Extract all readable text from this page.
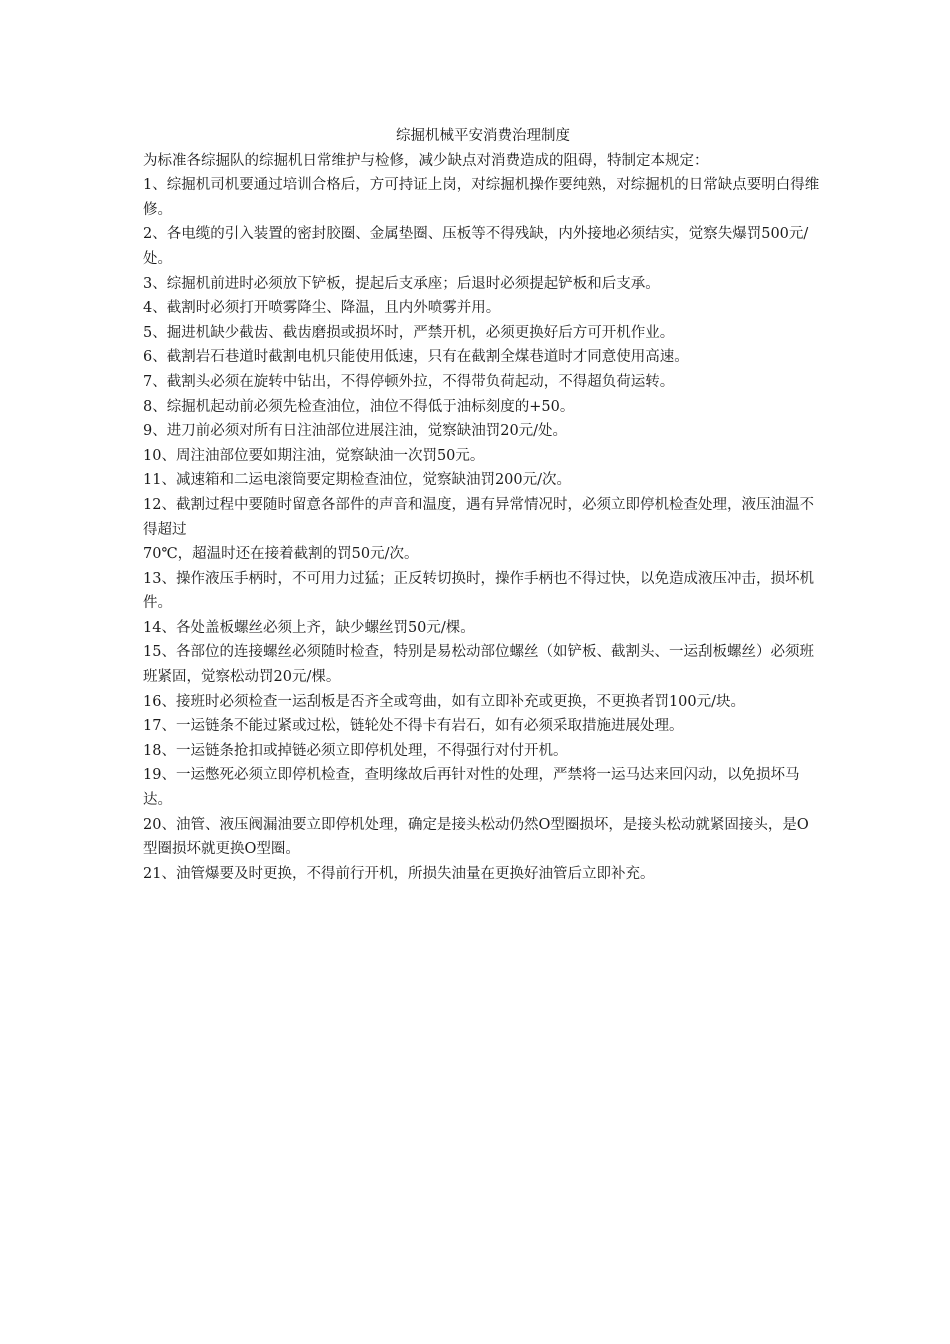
综掘机械平安消费治理制度

为标准各综掘队的综掘机日常维护与检修，减少缺点对消费造成的阻碍，特制定本规定：

1、综掘机司机要通过培训合格后，方可持证上岗，对综掘机操作要纯熟，对综掘机的日常缺点要明白得维修。
2、各电缆的引入装置的密封胶圈、金属垫圈、压板等不得残缺，内外接地必须结实，觉察失爆罚500元/处。
3、综掘机前进时必须放下铲板，提起后支承座；后退时必须提起铲板和后支承。
4、截割时必须打开喷雾降尘、降温，且内外喷雾并用。
5、掘进机缺少截齿、截齿磨损或损坏时，严禁开机，必须更换好后方可开机作业。
6、截割岩石巷道时截割电机只能使用低速，只有在截割全煤巷道时才同意使用高速。
7、截割头必须在旋转中钻出，不得停顿外拉，不得带负荷起动，不得超负荷运转。
8、综掘机起动前必须先检查油位，油位不得低于油标刻度的+50。
9、进刀前必须对所有日注油部位进展注油，觉察缺油罚20元/处。
10、周注油部位要如期注油，觉察缺油一次罚50元。
11、减速箱和二运电滚筒要定期检查油位，觉察缺油罚200元/次。
12、截割过程中要随时留意各部件的声音和温度，遇有异常情况时，必须立即停机检查处理，液压油温不得超过
70℃，超温时还在接着截割的罚50元/次。
13、操作液压手柄时，不可用力过猛；正反转切换时，操作手柄也不得过快，以免造成液压冲击，损坏机件。
14、各处盖板螺丝必须上齐，缺少螺丝罚50元/棵。
15、各部位的连接螺丝必须随时检查，特别是易松动部位螺丝（如铲板、截割头、一运刮板螺丝）必须班班紧固，觉察松动罚20元/棵。
16、接班时必须检查一运刮板是否齐全或弯曲，如有立即补充或更换，不更换者罚100元/块。
17、一运链条不能过紧或过松，链轮处不得卡有岩石，如有必须采取措施进展处理。
18、一运链条抢扣或掉链必须立即停机处理，不得强行对付开机。
19、一运憋死必须立即停机检查，查明缘故后再针对性的处理，严禁将一运马达来回闪动，以免损坏马达。
20、油管、液压阀漏油要立即停机处理，确定是接头松动仍然O型圈损坏，是接头松动就紧固接头，是O型圈损坏就更换O型圈。
21、油管爆要及时更换，不得前行开机，所损失油量在更换好油管后立即补充。
